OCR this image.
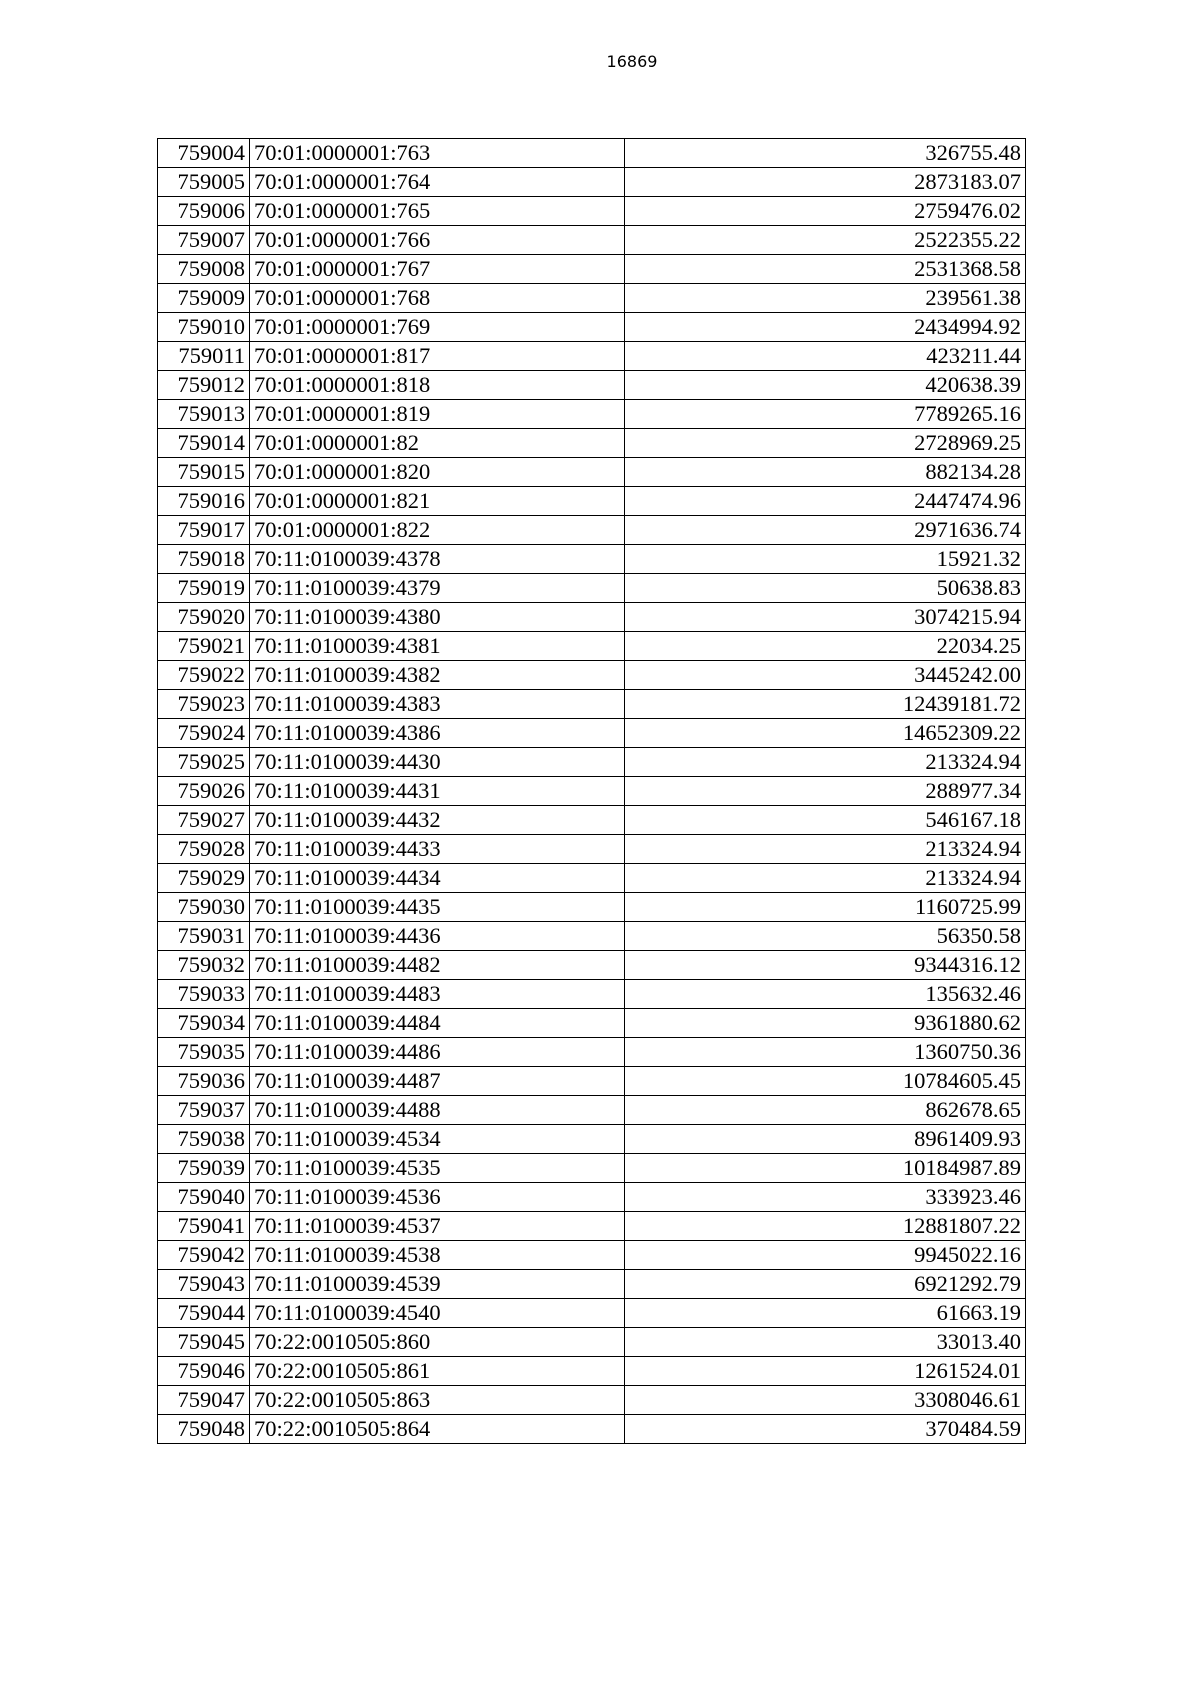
16869

759004	70:01:0000001:763	326755.48
759005	70:01:0000001:764	2873183.07
759006	70:01:0000001:765	2759476.02
759007	70:01:0000001:766	2522355.22
759008	70:01:0000001:767	2531368.58
759009	70:01:0000001:768	239561.38
759010	70:01:0000001:769	2434994.92
759011	70:01:0000001:817	423211.44
759012	70:01:0000001:818	420638.39
759013	70:01:0000001:819	7789265.16
759014	70:01:0000001:82	2728969.25
759015	70:01:0000001:820	882134.28
759016	70:01:0000001:821	2447474.96
759017	70:01:0000001:822	2971636.74
759018	70:11:0100039:4378	15921.32
759019	70:11:0100039:4379	50638.83
759020	70:11:0100039:4380	3074215.94
759021	70:11:0100039:4381	22034.25
759022	70:11:0100039:4382	3445242.00
759023	70:11:0100039:4383	12439181.72
759024	70:11:0100039:4386	14652309.22
759025	70:11:0100039:4430	213324.94
759026	70:11:0100039:4431	288977.34
759027	70:11:0100039:4432	546167.18
759028	70:11:0100039:4433	213324.94
759029	70:11:0100039:4434	213324.94
759030	70:11:0100039:4435	1160725.99
759031	70:11:0100039:4436	56350.58
759032	70:11:0100039:4482	9344316.12
759033	70:11:0100039:4483	135632.46
759034	70:11:0100039:4484	9361880.62
759035	70:11:0100039:4486	1360750.36
759036	70:11:0100039:4487	10784605.45
759037	70:11:0100039:4488	862678.65
759038	70:11:0100039:4534	8961409.93
759039	70:11:0100039:4535	10184987.89
759040	70:11:0100039:4536	333923.46
759041	70:11:0100039:4537	12881807.22
759042	70:11:0100039:4538	9945022.16
759043	70:11:0100039:4539	6921292.79
759044	70:11:0100039:4540	61663.19
759045	70:22:0010505:860	33013.40
759046	70:22:0010505:861	1261524.01
759047	70:22:0010505:863	3308046.61
759048	70:22:0010505:864	370484.59
